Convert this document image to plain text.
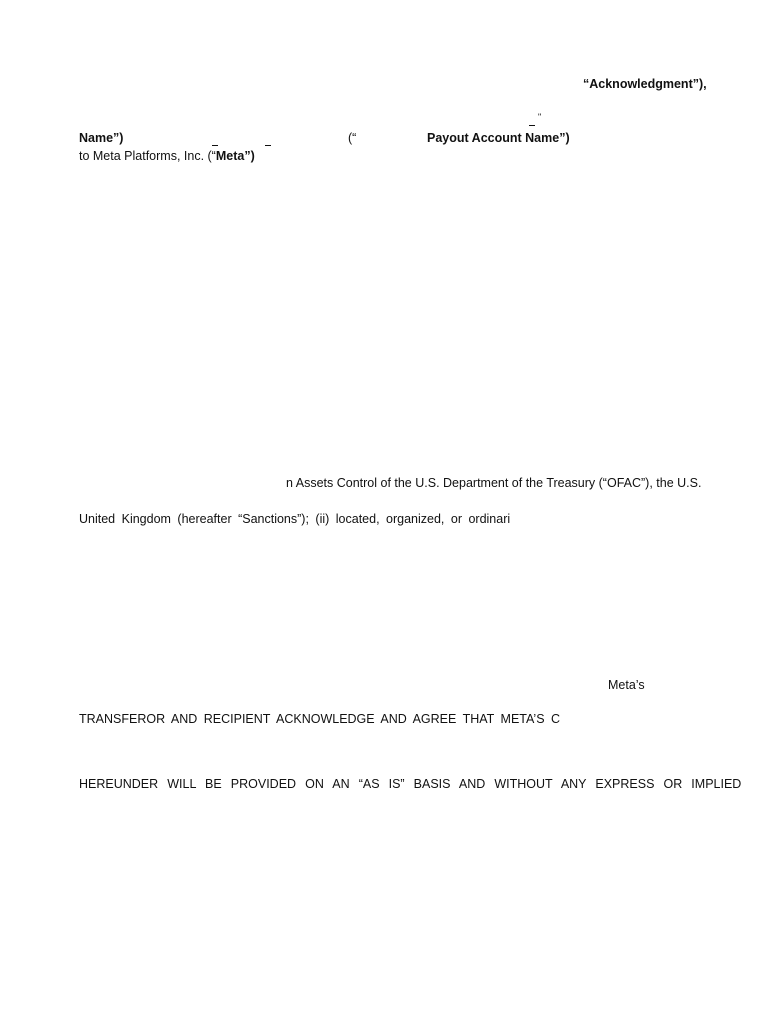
“Acknowledgment”),
"
Name”)	(“	Payout Account Name”)
to Meta Platforms, Inc. (“Meta”)
n Assets Control of the U.S. Department of the Treasury (“OFAC”), the U.S.
United Kingdom (hereafter “Sanctions”); (ii) located, organized, or ordinari
Meta’s
TRANSFEROR AND RECIPIENT ACKNOWLEDGE AND AGREE THAT META’S C
HEREUNDER WILL BE PROVIDED ON AN “AS IS” BASIS AND WITHOUT ANY EXPRESS OR IMPLIED
